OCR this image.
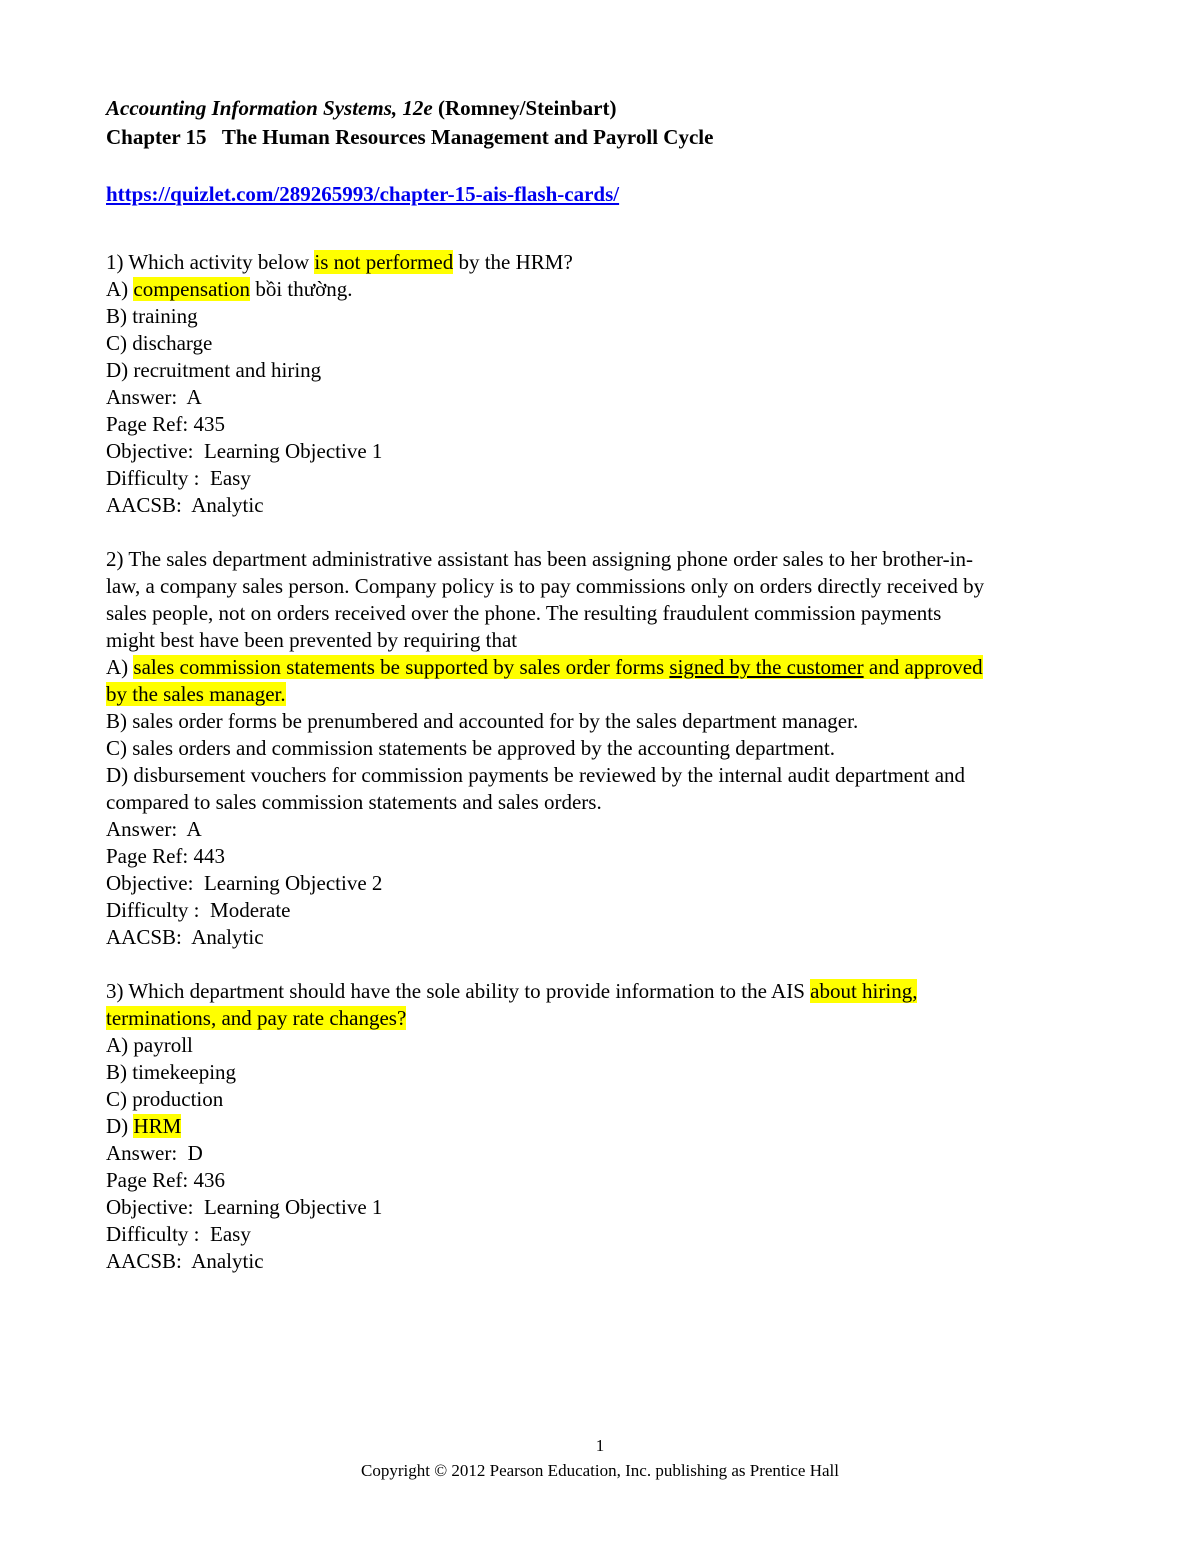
Accounting Information Systems, 12e (Romney/Steinbart)
Chapter 15   The Human Resources Management and Payroll Cycle
https://quizlet.com/289265993/chapter-15-ais-flash-cards/
1) Which activity below is not performed by the HRM?
A) compensation bồi thường.
B) training
C) discharge
D) recruitment and hiring
Answer:  A
Page Ref: 435
Objective:  Learning Objective 1
Difficulty :  Easy
AACSB:  Analytic
2) The sales department administrative assistant has been assigning phone order sales to her brother-in-
law, a company sales person. Company policy is to pay commissions only on orders directly received by
sales people, not on orders received over the phone. The resulting fraudulent commission payments
might best have been prevented by requiring that
A) sales commission statements be supported by sales order forms signed by the customer and approved
by the sales manager.
B) sales order forms be prenumbered and accounted for by the sales department manager.
C) sales orders and commission statements be approved by the accounting department.
D) disbursement vouchers for commission payments be reviewed by the internal audit department and
compared to sales commission statements and sales orders.
Answer:  A
Page Ref: 443
Objective:  Learning Objective 2
Difficulty :  Moderate
AACSB:  Analytic
3) Which department should have the sole ability to provide information to the AIS about hiring,
terminations, and pay rate changes?
A) payroll
B) timekeeping
C) production
D) HRM
Answer:  D
Page Ref: 436
Objective:  Learning Objective 1
Difficulty :  Easy
AACSB:  Analytic
1
Copyright © 2012 Pearson Education, Inc. publishing as Prentice Hall
